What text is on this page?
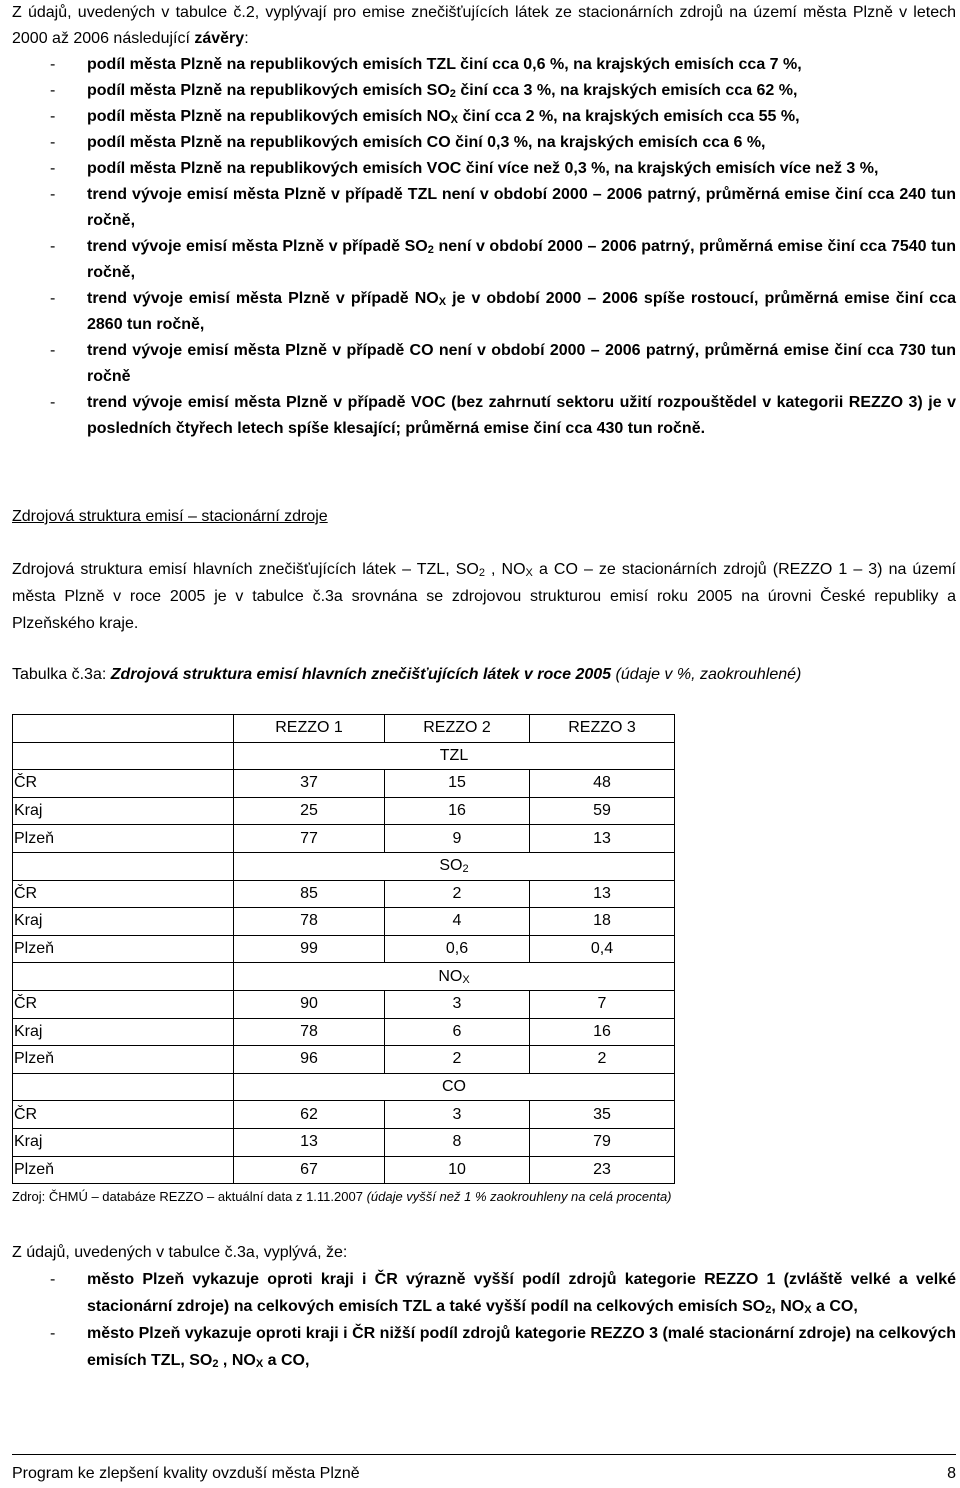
Z údajů, uvedených v tabulce č.2, vyplývají pro emise znečišťujících látek ze stacionárních zdrojů na území města Plzně v letech 2000 až 2006 následující závěry:

- podíl města Plzně na republikových emisích TZL činí cca 0,6 %, na krajských emisích cca 7 %,

- podíl města Plzně na republikových emisích $SO_2$ činí cca 3 %, na krajských emisích cca 62 %,

- podíl města Plzně na republikových emisích $NO_X$ činí cca 2 %, na krajských emisích cca 55 %,

- podíl města Plzně na republikových emisích CO činí 0,3 %, na krajských emisích cca 6 %,

- podíl města Plzně na republikových emisích VOC činí více než 0,3 %, na krajských emisích více než 3 %,

- trend vývoje emisí města Plzně v případě TZL není v období 2000 – 2006 patrný, průměrná emise činí cca 240 tun ročně,

- trend vývoje emisí města Plzně v případě $SO_2$ není v období 2000 – 2006 patrný, průměrná emise činí cca 7540 tun ročně,

- trend vývoje emisí města Plzně v případě $NO_X$ je v období 2000 – 2006 spíše rostoucí, průměrná emise činí cca 2860 tun ročně,

- trend vývoje emisí města Plzně v případě CO není v období 2000 – 2006 patrný, průměrná emise činí cca 730 tun ročně

- trend vývoje emisí města Plzně v případě VOC (bez zahrnutí sektoru užití rozpouštědel v kategorii REZZO 3) je v posledních čtyřech letech spíše klesající; průměrná emise činí cca 430 tun ročně.

Zdrojová struktura emisí – stacionární zdroje

Zdrojová struktura emisí hlavních znečišťujících látek – TZL, $SO_2$ , $NO_X$ a CO – ze stacionárních zdrojů (REZZO 1 – 3) na území města Plzně v roce 2005 je v tabulce č.3a srovnána se zdrojovou strukturou emisí roku 2005 na úrovni České republiky a Plzeňského kraje.

Tabulka č.3a: Zdrojová struktura emisí hlavních znečišťujících látek v roce 2005 (údaje v %, zaokrouhlené)

	REZZO 1	REZZO 2	REZZO 3
	TZL		
ČR	37	15	48
Kraj	25	16	59
Plzeň	77	9	13
	$SO_2$
ČR	85	2	13
Kraj	78	4	18
Plzeň	99	0,6	0,4
	$NO_X$
ČR	90	3	7
Kraj	78	6	16
Plzeň	96	2	2
	CO		
ČR	62	3	35
Kraj	13	8	79
Plzeň	67	10	23

Zdroj: ČHMÚ – databáze REZZO – aktuální data z 1.11.2007 (údaje vyšší než 1 % zaokrouhleny na celá procenta)

Z údajů, uvedených v tabulce č.3a, vyplývá, že:

- město Plzeň vykazuje oproti kraji i ČR výrazně vyšší podíl zdrojů kategorie REZZO 1 (zvláště velké a velké stacionární zdroje) na celkových emisích TZL a také vyšší podíl na celkových emisích $SO_2$, $NO_X$ a CO,

- město Plzeň vykazuje oproti kraji i ČR nižší podíl zdrojů kategorie REZZO 3 (malé stacionární zdroje) na celkových emisích TZL, $SO_2$ , $NO_X$ a CO,

Program ke zlepšení kvality ovzduší města Plzně	8
